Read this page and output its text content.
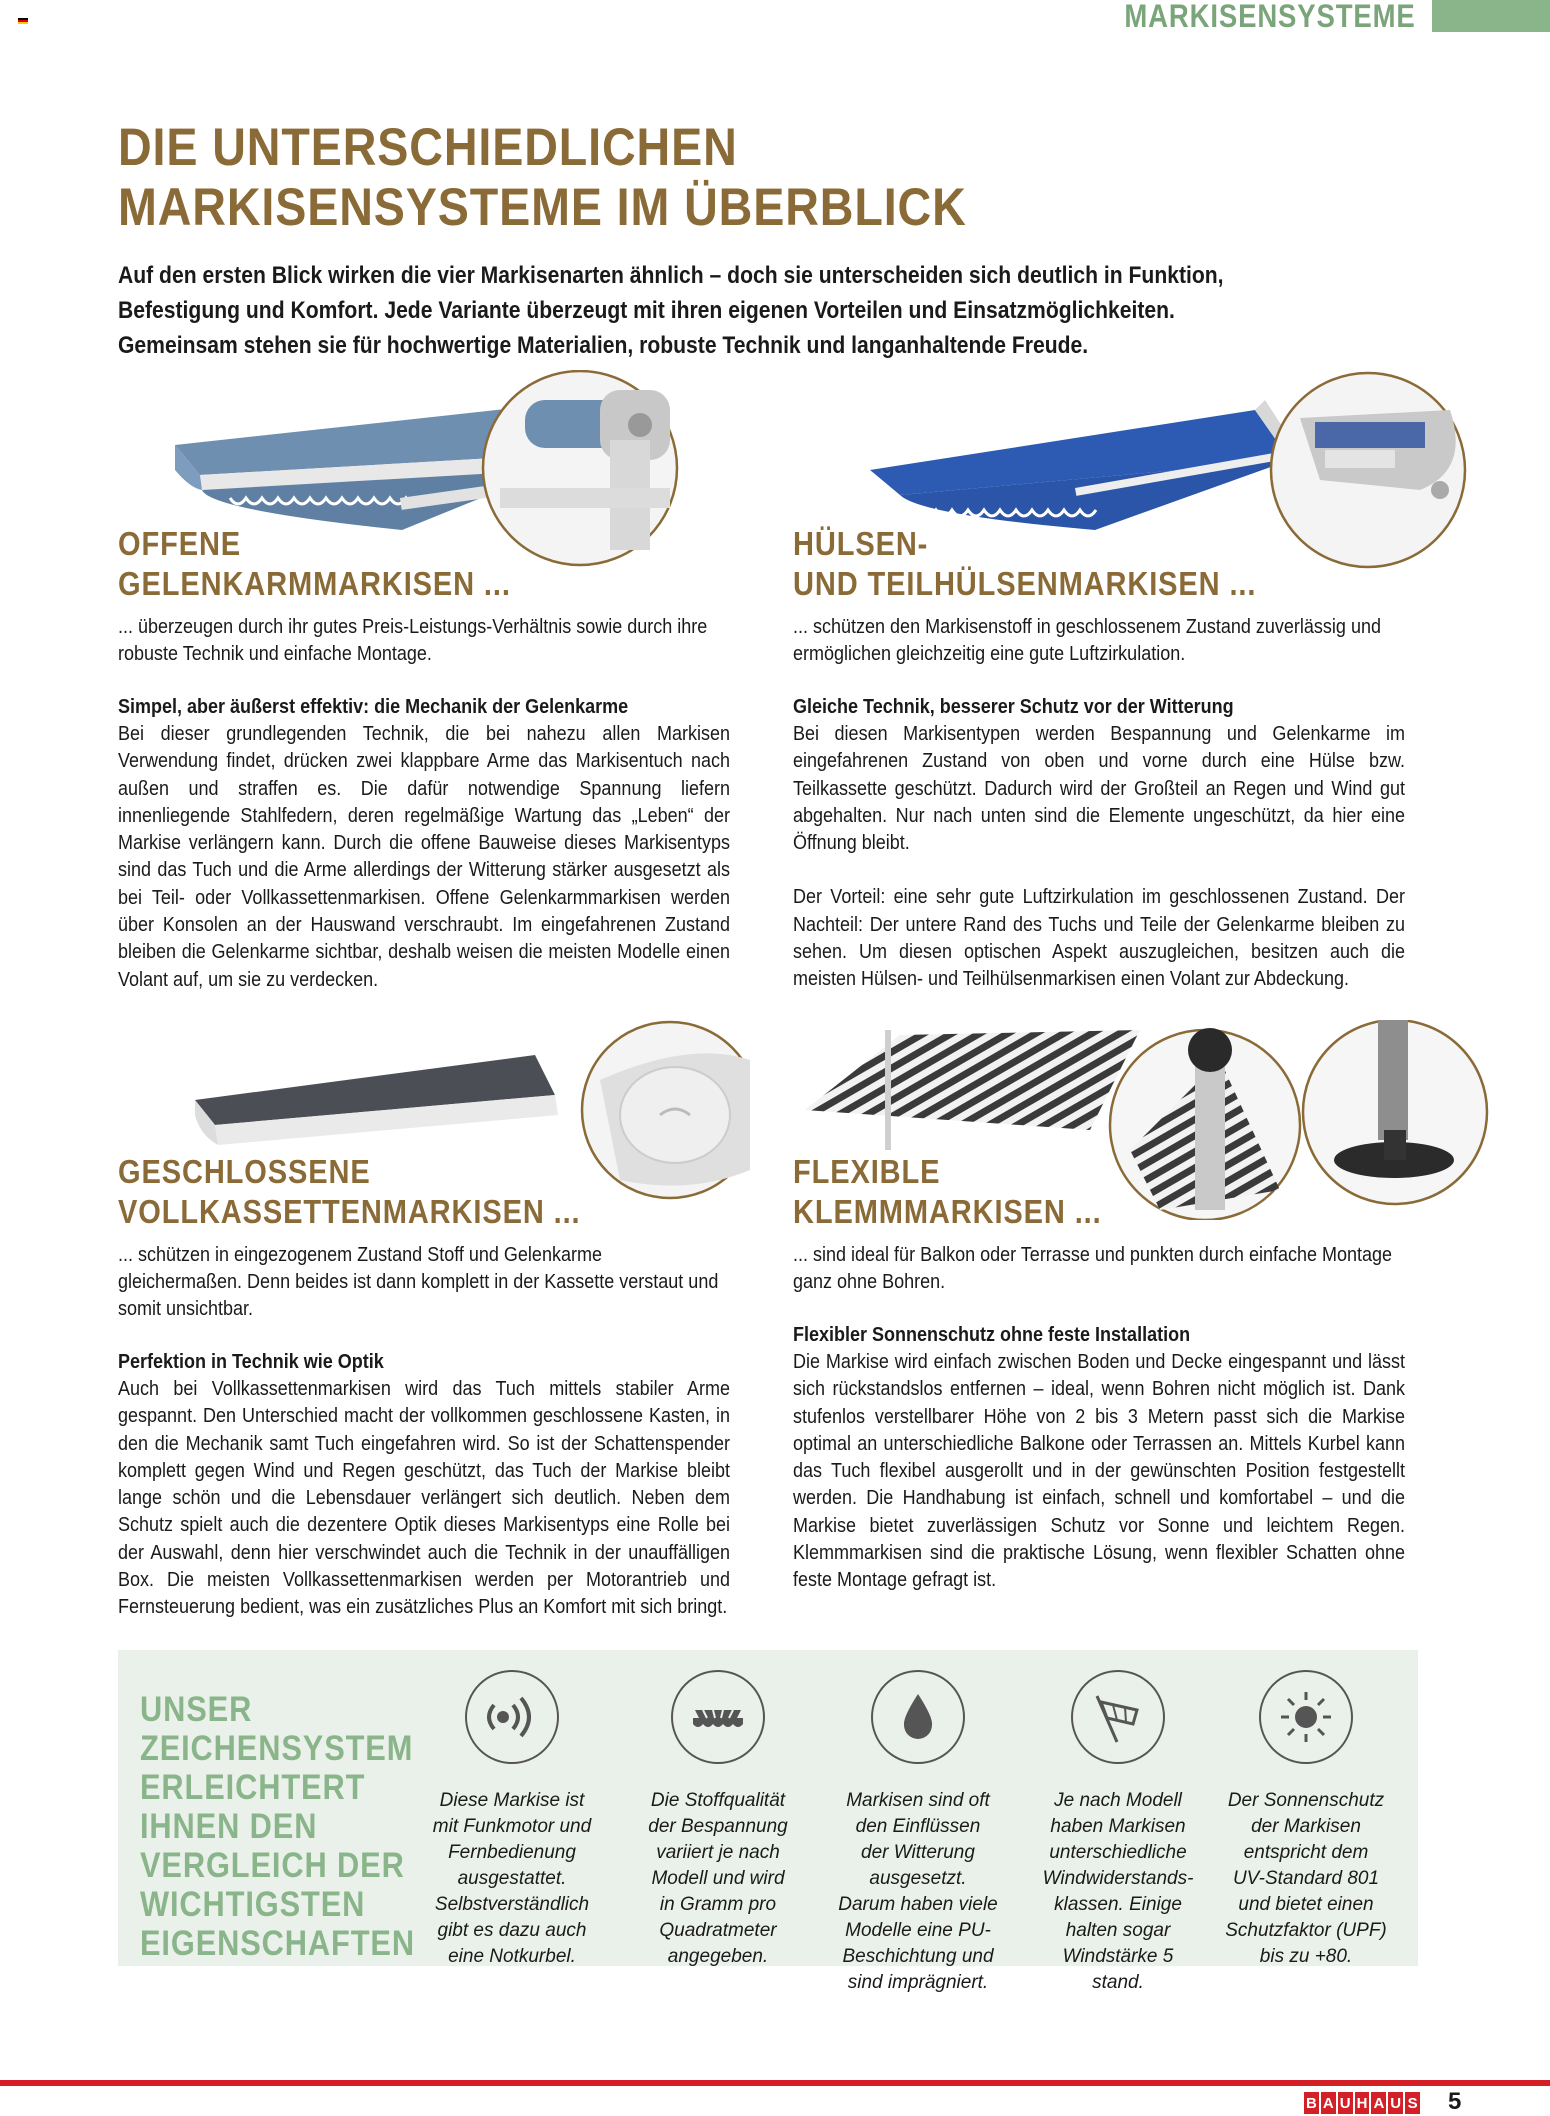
MARKISENSYSTEME
DIE UNTERSCHIEDLICHEN
MARKISENSYSTEME IM ÜBERBLICK

Auf den ersten Blick wirken die vier Markisenarten ähnlich – doch sie unterscheiden sich deutlich in Funktion, Befestigung und Komfort. Jede Variante überzeugt mit ihren eigenen Vorteilen und Einsatzmöglichkeiten. Gemeinsam stehen sie für hochwertige Materialien, robuste Technik und langanhaltende Freude.

OFFENE
GELENKARMMARKISEN ...

... überzeugen durch ihr gutes Preis-Leistungs-Verhältnis sowie durch ihre robuste Technik und einfache Montage.

Simpel, aber äußerst effektiv: die Mechanik der Gelenkarme

Bei dieser grundlegenden Technik, die bei nahezu allen Markisen Verwendung findet, drücken zwei klappbare Arme das Markisentuch nach außen und straffen es. Die dafür notwendige Spannung liefern innenliegende Stahlfedern, deren regelmäßige Wartung das „Leben“ der Markise verlängern kann. Durch die offene Bauweise dieses Markisentyps sind das Tuch und die Arme allerdings der Witterung stärker ausgesetzt als bei Teil- oder Vollkassettenmarkisen. Offene Gelenkarmmarkisen werden über Konsolen an der Hauswand verschraubt. Im eingefahrenen Zustand bleiben die Gelenkarme sichtbar, deshalb weisen die meisten Modelle einen Volant auf, um sie zu verdecken.

HÜLSEN-
UND TEILHÜLSENMARKISEN ...

... schützen den Markisenstoff in geschlossenem Zustand zuverlässig und ermöglichen gleichzeitig eine gute Luftzirkulation.

Gleiche Technik, besserer Schutz vor der Witterung

Bei diesen Markisentypen werden Bespannung und Gelenkarme im eingefahrenen Zustand von oben und vorne durch eine Hülse bzw. Teilkassette geschützt. Dadurch wird der Großteil an Regen und Wind gut abgehalten. Nur nach unten sind die Elemente ungeschützt, da hier eine Öffnung bleibt.

Der Vorteil: eine sehr gute Luftzirkulation im geschlossenen Zustand. Der Nachteil: Der untere Rand des Tuchs und Teile der Gelenkarme bleiben zu sehen. Um diesen optischen Aspekt auszugleichen, besitzen auch die meisten Hülsen- und Teilhülsenmarkisen einen Volant zur Abdeckung.

GESCHLOSSENE
VOLLKASSETTENMARKISEN ...

... schützen in eingezogenem Zustand Stoff und Gelenkarme gleichermaßen. Denn beides ist dann komplett in der Kassette verstaut und somit unsichtbar.

Perfektion in Technik wie Optik

Auch bei Vollkassettenmarkisen wird das Tuch mittels stabiler Arme gespannt. Den Unterschied macht der vollkommen geschlossene Kasten, in den die Mechanik samt Tuch eingefahren wird. So ist der Schattenspender komplett gegen Wind und Regen geschützt, das Tuch der Markise bleibt lange schön und die Lebensdauer verlängert sich deutlich. Neben dem Schutz spielt auch die dezentere Optik dieses Markisentyps eine Rolle bei der Auswahl, denn hier verschwindet auch die Technik in der unauffälligen Box. Die meisten Vollkassettenmarkisen werden per Motorantrieb und Fernsteuerung bedient, was ein zusätzliches Plus an Komfort mit sich bringt.

FLEXIBLE
KLEMMMARKISEN ...

... sind ideal für Balkon oder Terrasse und punkten durch einfache Montage ganz ohne Bohren.

Flexibler Sonnenschutz ohne feste Installation

Die Markise wird einfach zwischen Boden und Decke eingespannt und lässt sich rückstandslos entfernen – ideal, wenn Bohren nicht möglich ist. Dank stufenlos verstellbarer Höhe von 2 bis 3 Metern passt sich die Markise optimal an unterschiedliche Balkone oder Terrassen an. Mittels Kurbel kann das Tuch flexibel ausgerollt und in der gewünschten Position festgestellt werden. Die Handhabung ist einfach, schnell und komfortabel – und die Markise bietet zuverlässigen Schutz vor Sonne und leichtem Regen. Klemmmarkisen sind die praktische Lösung, wenn flexibler Schatten ohne feste Montage gefragt ist.

UNSER
ZEICHENSYSTEM
ERLEICHTERT
IHNEN DEN
VERGLEICH DER
WICHTIGSTEN
EIGENSCHAFTEN

Diese Markise ist
mit Funkmotor und
Fernbedienung
ausgestattet.
Selbstverständlich
gibt es dazu auch
eine Notkurbel.

Die Stoffqualität
der Bespannung
variiert je nach
Modell und wird
in Gramm pro
Quadratmeter
angegeben.

Markisen sind oft
den Einflüssen
der Witterung
ausgesetzt.
Darum haben viele
Modelle eine PU-
Beschichtung und
sind imprägniert.

Je nach Modell
haben Markisen
unterschiedliche
Windwiderstands-
klassen. Einige
halten sogar
Windstärke 5
stand.

Der Sonnenschutz
der Markisen
entspricht dem
UV-Standard 801
und bietet einen
Schutzfaktor (UPF)
bis zu +80.

B A U H A U S 5
